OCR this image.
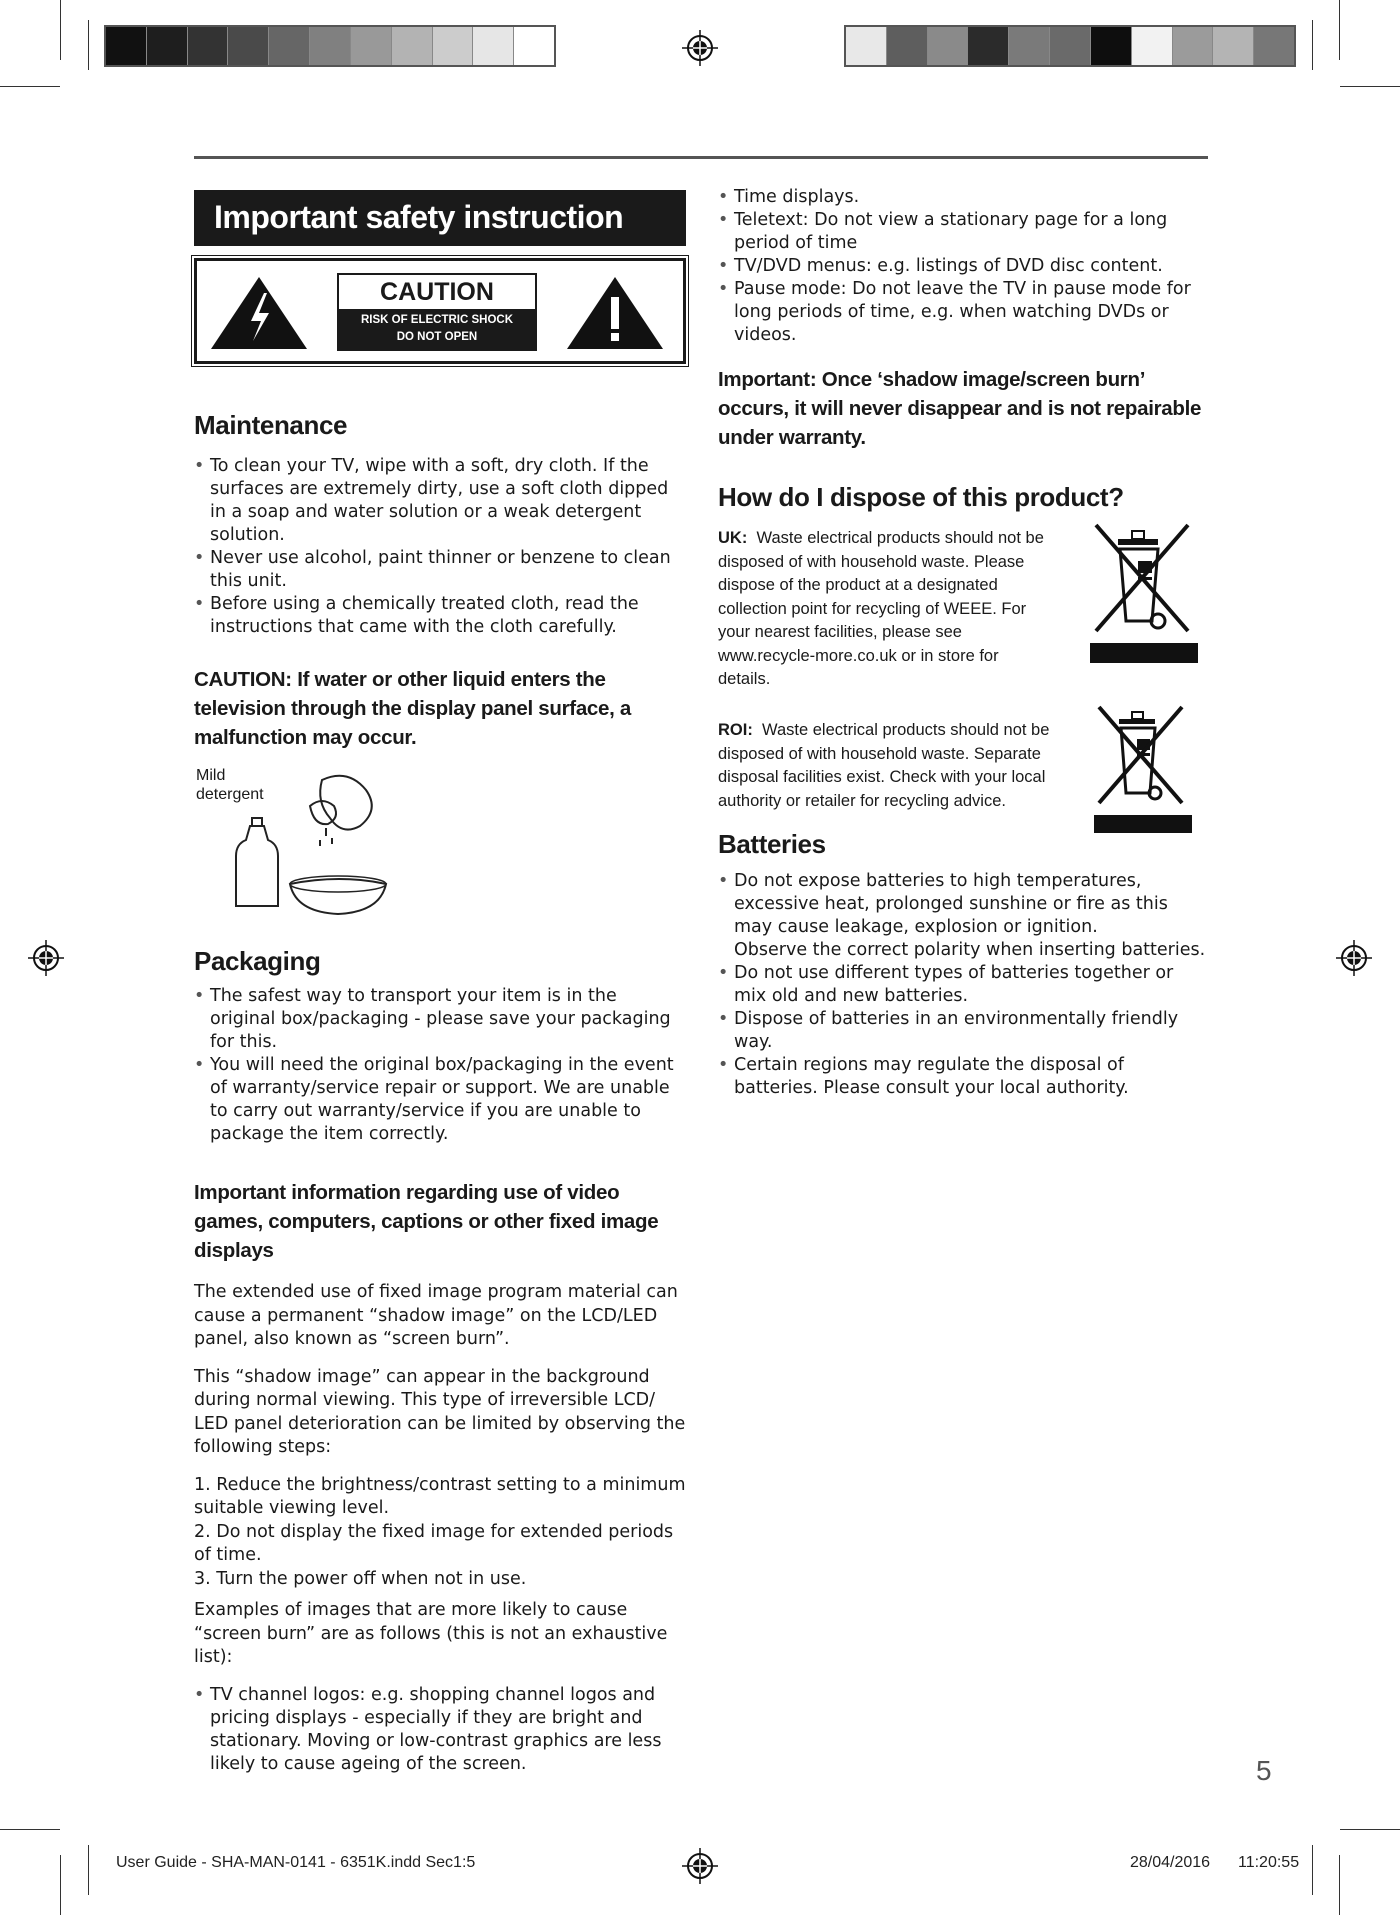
Important safety instruction
CAUTION
RISK OF ELECTRIC SHOCK
DO NOT OPEN
Maintenance
• To clean your TV, wipe with a soft, dry cloth. If the surfaces are extremely dirty, use a soft cloth dipped in a soap and water solution or a weak detergent solution.
• Never use alcohol, paint thinner or benzene to clean this unit.
• Before using a chemically treated cloth, read the instructions that came with the cloth carefully.
CAUTION: If water or other liquid enters the television through the display panel surface, a malfunction may occur.
Mild
detergent
Packaging
• The safest way to transport your item is in the original box/packaging - please save your packaging for this.
• You will need the original box/packaging in the event of warranty/service repair or support. We are unable to carry out warranty/service if you are unable to package the item correctly.
Important information regarding use of video games, computers, captions or other fixed image displays

The extended use of fixed image program material can cause a permanent “shadow image” on the LCD/LED panel, also known as “screen burn”.

This “shadow image” can appear in the background during normal viewing. This type of irreversible LCD/ LED panel deterioration can be limited by observing the following steps:

1. Reduce the brightness/contrast setting to a minimum suitable viewing level.

2. Do not display the fixed image for extended periods of time.

3. Turn the power off when not in use.

Examples of images that are more likely to cause “screen burn” are as follows (this is not an exhaustive list):

• TV channel logos: e.g. shopping channel logos and pricing displays - especially if they are bright and stationary. Moving or low-contrast graphics are less likely to cause ageing of the screen.
• Time displays.
• Teletext: Do not view a stationary page for a long period of time
• TV/DVD menus: e.g. listings of DVD disc content.
• Pause mode: Do not leave the TV in pause mode for long periods of time, e.g. when watching DVDs or videos.
Important: Once ‘shadow image/screen burn’ occurs, it will never disappear and is not repairable under warranty.
How do I dispose of this product?
UK: Waste electrical products should not be disposed of with household waste. Please dispose of the product at a designated collection point for recycling of WEEE. For your nearest facilities, please see www.recycle-more.co.uk or in store for details.
ROI: Waste electrical products should not be disposed of with household waste. Separate disposal facilities exist. Check with your local authority or retailer for recycling advice.
Batteries
• Do not expose batteries to high temperatures, excessive heat, prolonged sunshine or fire as this may cause leakage, explosion or ignition.
Observe the correct polarity when inserting batteries.
• Do not use different types of batteries together or mix old and new batteries.
• Dispose of batteries in an environmentally friendly way.
• Certain regions may regulate the disposal of batteries. Please consult your local authority.
5
User Guide - SHA-MAN-0141 - 6351K.indd Sec1:5	28/04/2016 11:20:55
